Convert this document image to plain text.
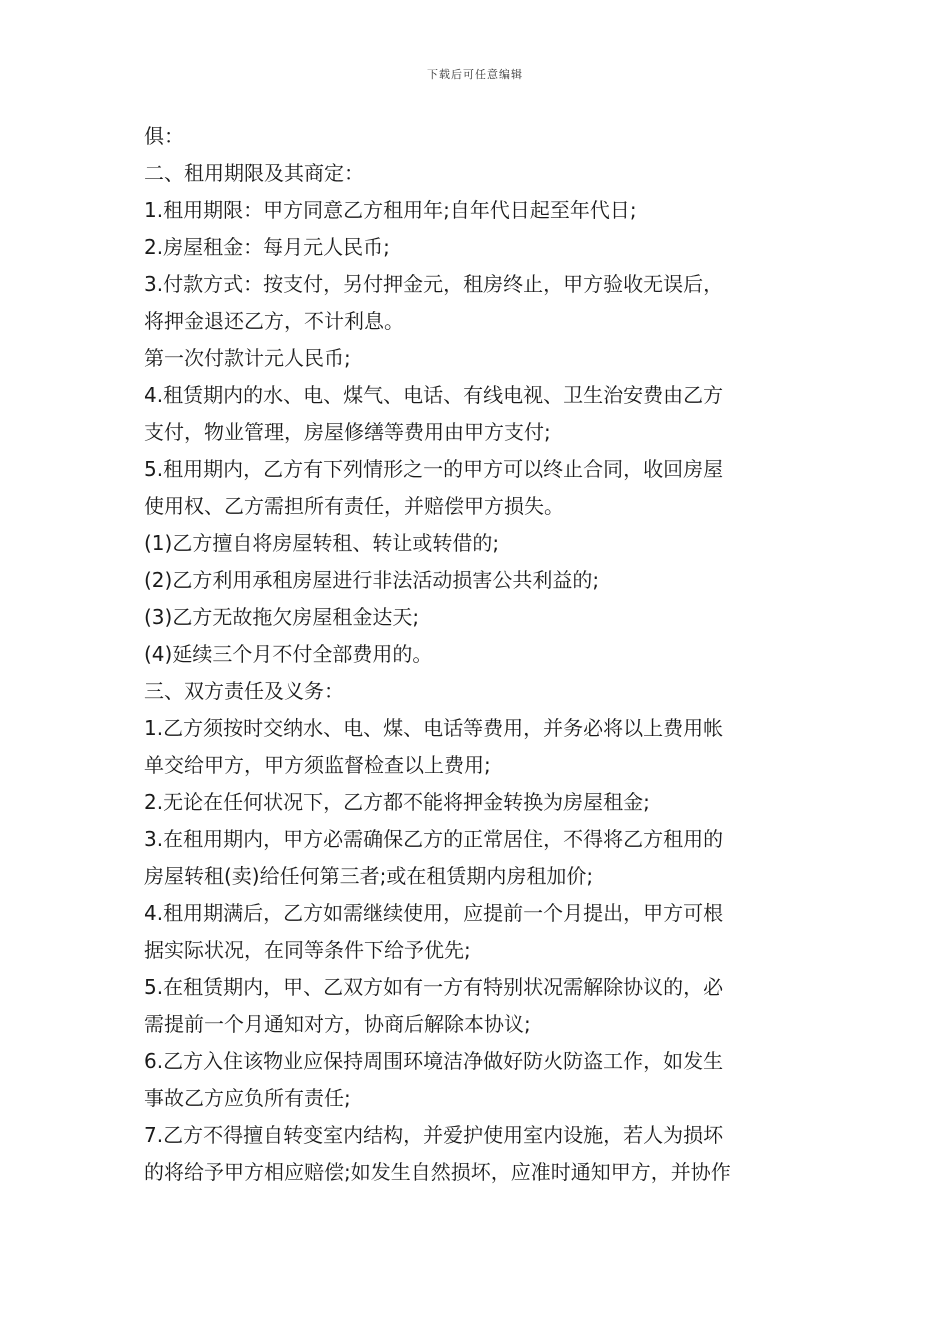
下载后可任意编辑
俱：
二、租用期限及其商定：
1.租用期限：甲方同意乙方租用年;自年代日起至年代日;
2.房屋租金：每月元人民币;
3.付款方式：按支付，另付押金元，租房终止，甲方验收无误后，
将押金退还乙方，不计利息。
第一次付款计元人民币;
4.租赁期内的水、电、煤气、电话、有线电视、卫生治安费由乙方
支付，物业管理，房屋修缮等费用由甲方支付;
5.租用期内，乙方有下列情形之一的甲方可以终止合同，收回房屋
使用权、乙方需担所有责任，并赔偿甲方损失。
(1)乙方擅自将房屋转租、转让或转借的;
(2)乙方利用承租房屋进行非法活动损害公共利益的;
(3)乙方无故拖欠房屋租金达天;
(4)延续三个月不付全部费用的。
三、双方责任及义务：
1.乙方须按时交纳水、电、煤、电话等费用，并务必将以上费用帐
单交给甲方，甲方须监督检查以上费用;
2.无论在任何状况下，乙方都不能将押金转换为房屋租金;
3.在租用期内，甲方必需确保乙方的正常居住，不得将乙方租用的
房屋转租(卖)给任何第三者;或在租赁期内房租加价;
4.租用期满后，乙方如需继续使用，应提前一个月提出，甲方可根
据实际状况，在同等条件下给予优先;
5.在租赁期内，甲、乙双方如有一方有特别状况需解除协议的，必
需提前一个月通知对方，协商后解除本协议;
6.乙方入住该物业应保持周围环境洁净做好防火防盗工作，如发生
事故乙方应负所有责任;
7.乙方不得擅自转变室内结构，并爱护使用室内设施，若人为损坏
的将给予甲方相应赔偿;如发生自然损坏，应准时通知甲方，并协作
